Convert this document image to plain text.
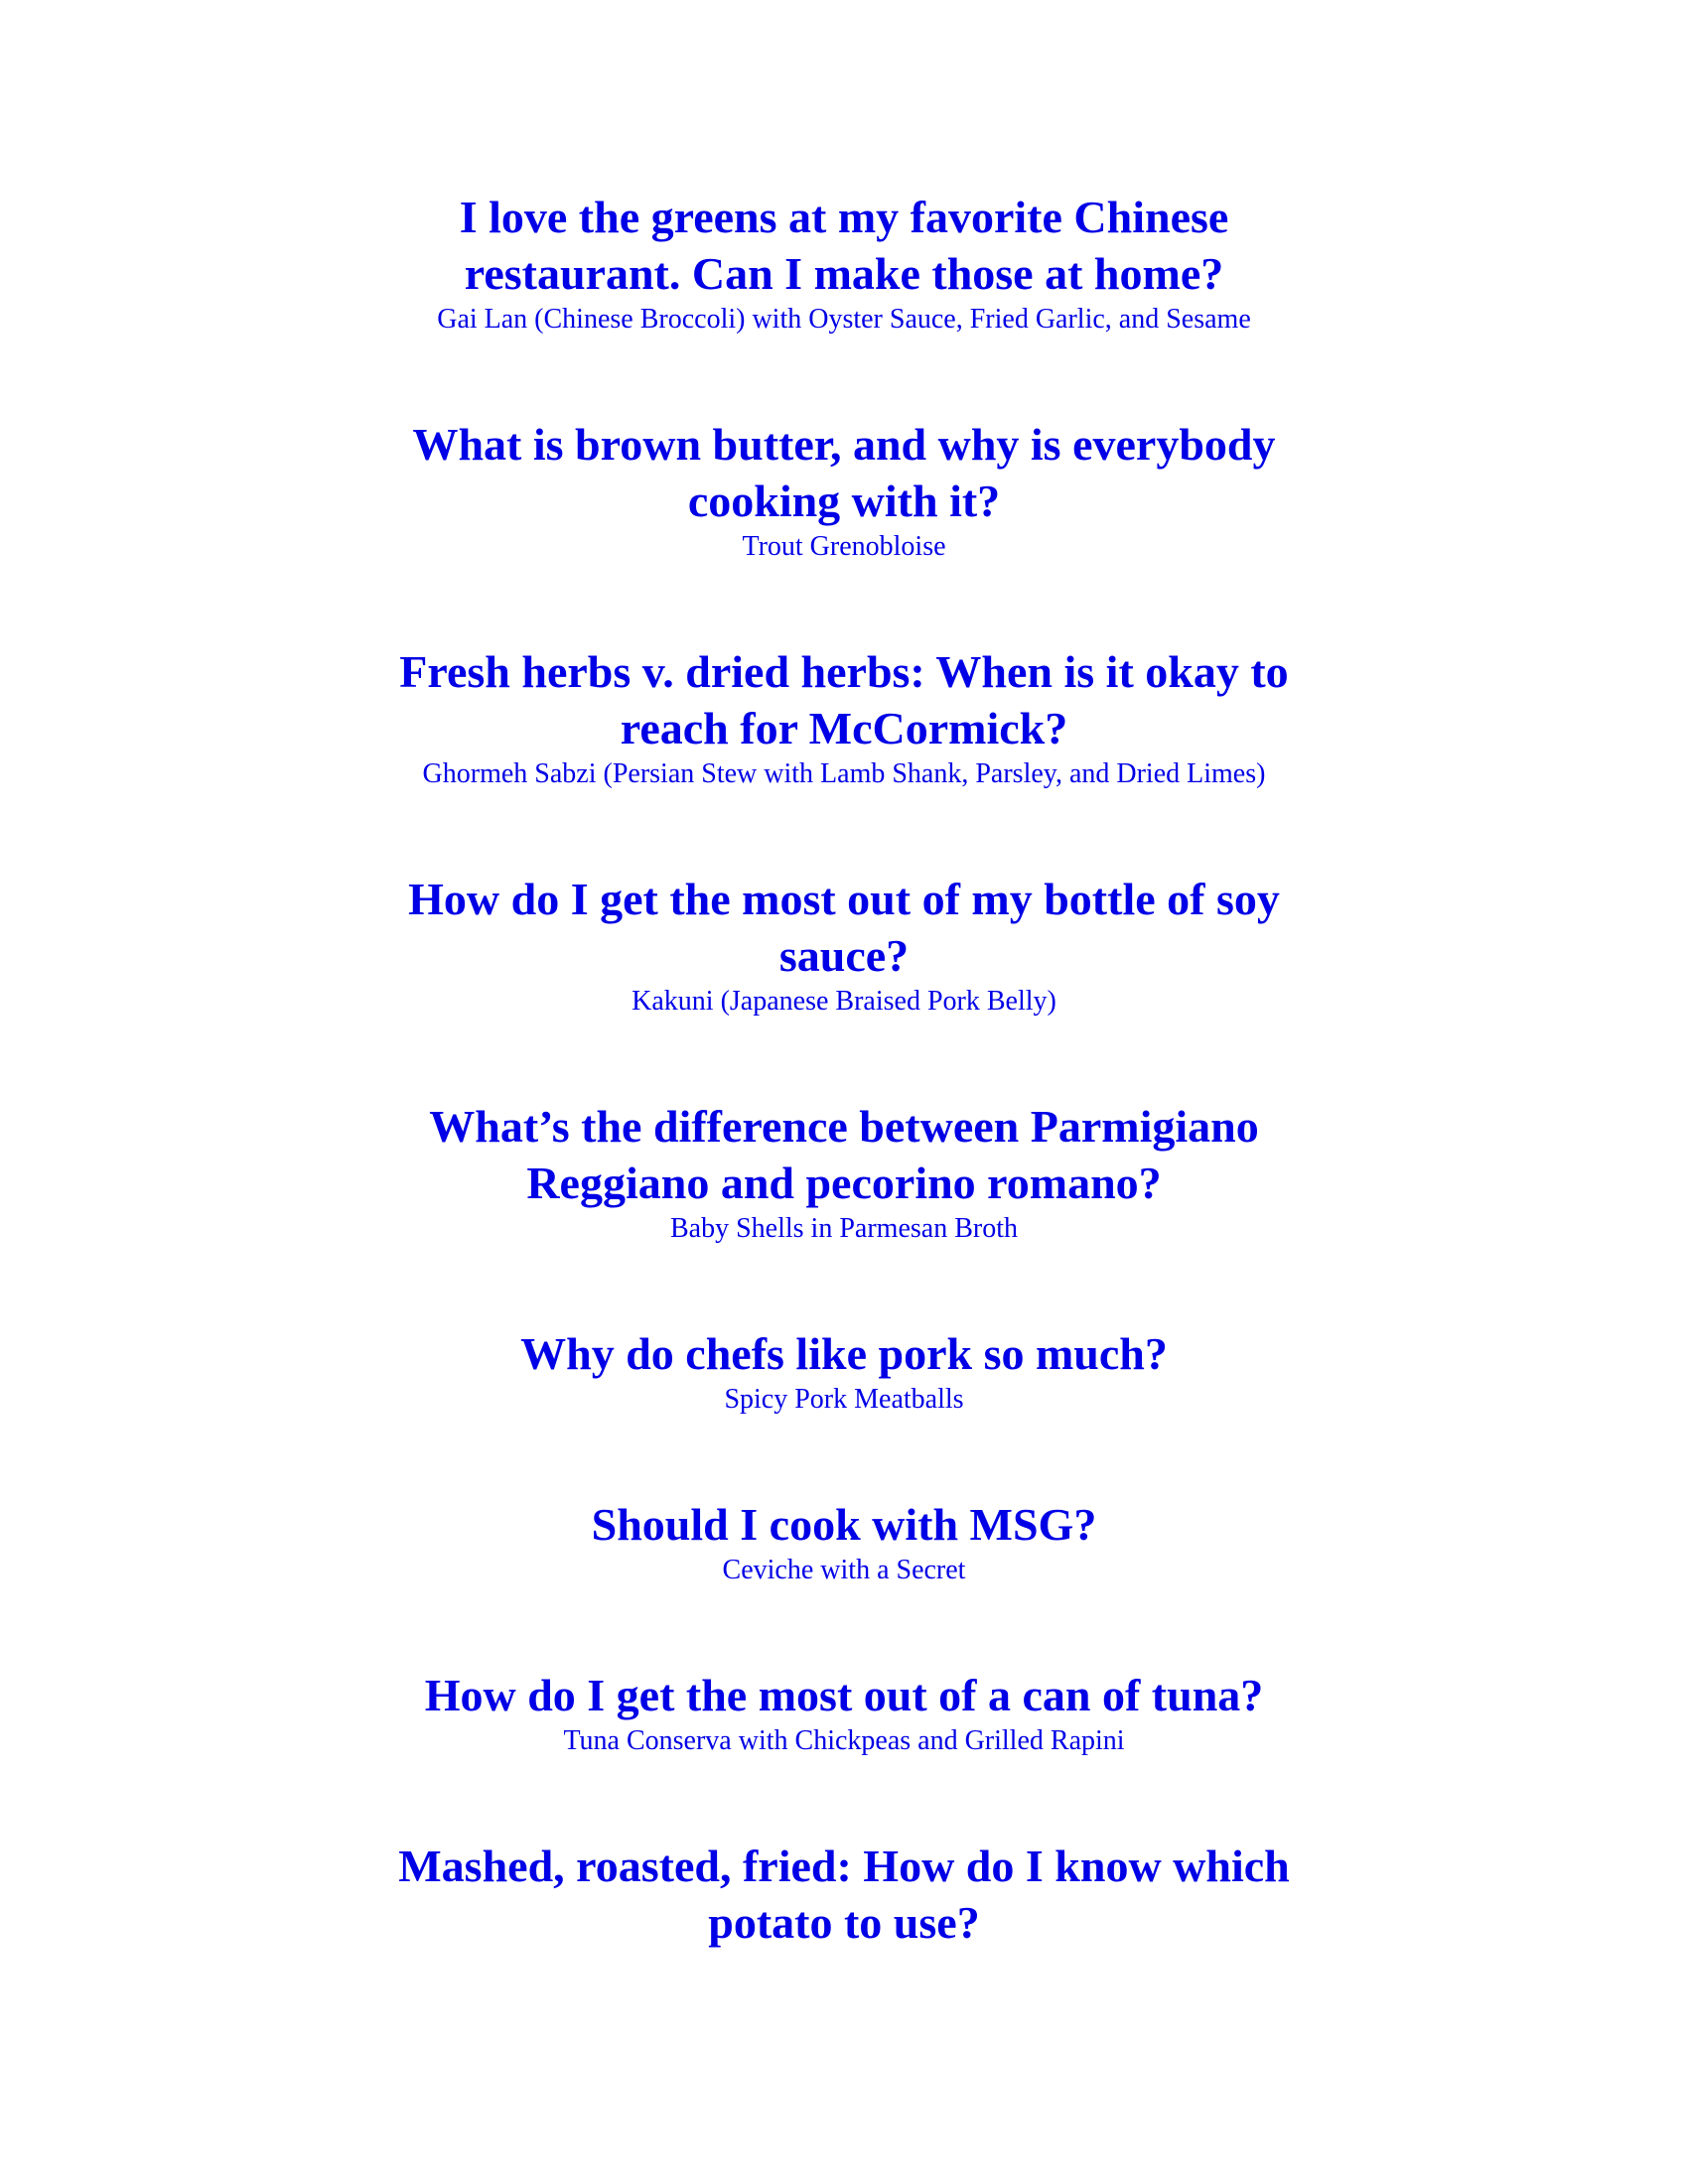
I love the greens at my favorite Chinese restaurant. Can I make those at home?
Gai Lan (Chinese Broccoli) with Oyster Sauce, Fried Garlic, and Sesame
What is brown butter, and why is everybody cooking with it?
Trout Grenobloise
Fresh herbs v. dried herbs: When is it okay to reach for McCormick?
Ghormeh Sabzi (Persian Stew with Lamb Shank, Parsley, and Dried Limes)
How do I get the most out of my bottle of soy sauce?
Kakuni (Japanese Braised Pork Belly)
What’s the difference between Parmigiano Reggiano and pecorino romano?
Baby Shells in Parmesan Broth
Why do chefs like pork so much?
Spicy Pork Meatballs
Should I cook with MSG?
Ceviche with a Secret
How do I get the most out of a can of tuna?
Tuna Conserva with Chickpeas and Grilled Rapini
Mashed, roasted, fried: How do I know which potato to use?
